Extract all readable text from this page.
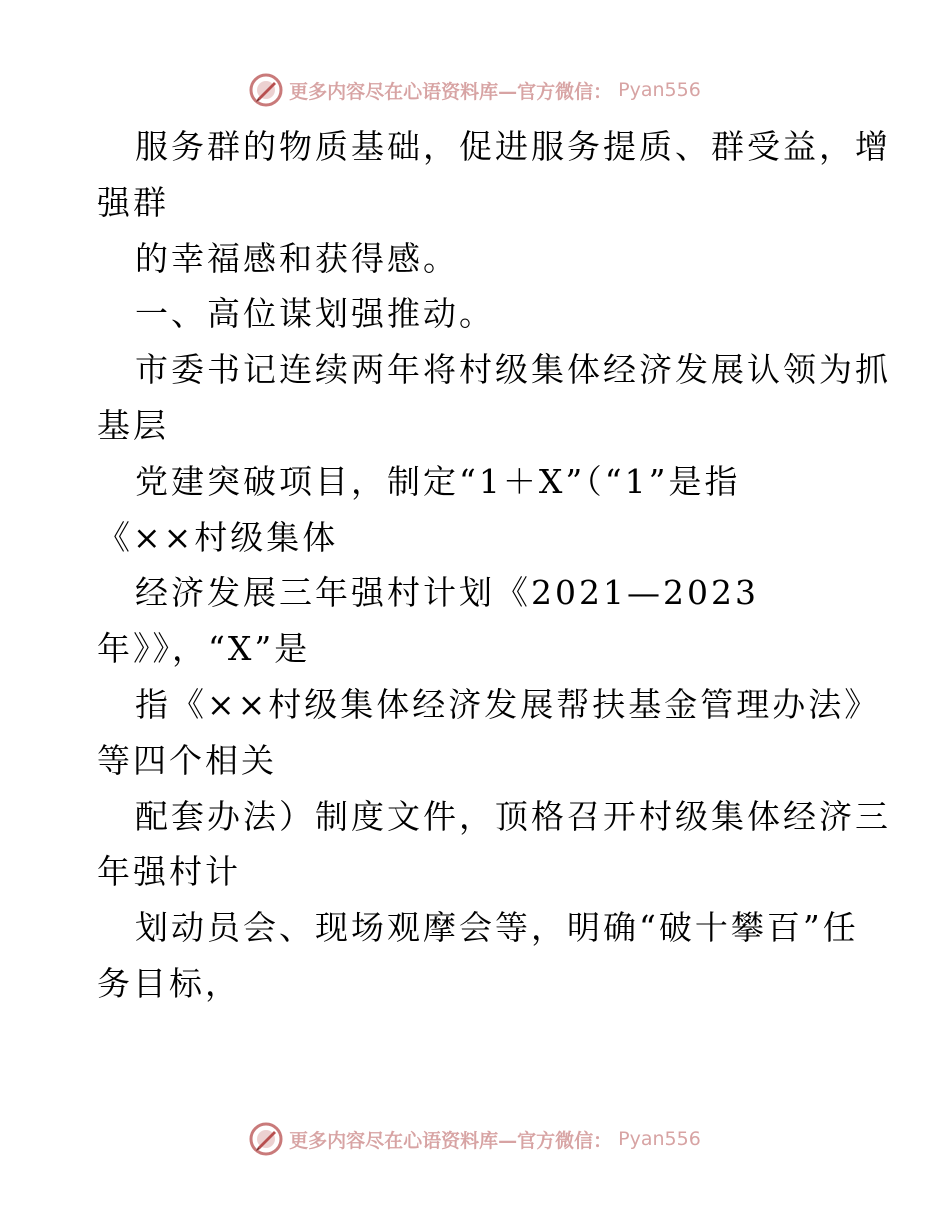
更多内容尽在心语资料库—官方微信： Pyan556
服务群的物质基础，促进服务提质、群受益，增
强群
的幸福感和获得感。
一、高位谋划强推动。
市委书记连续两年将村级集体经济发展认领为抓
基层
党建突破项目，制定“1＋X”（“1”是指
《××村级集体
经济发展三年强村计划《2021—2023
年》》，“X”是
指《××村级集体经济发展帮扶基金管理办法》
等四个相关
配套办法）制度文件，顶格召开村级集体经济三
年强村计
划动员会、现场观摩会等，明确“破十攀百”任
务目标，
更多内容尽在心语资料库—官方微信： Pyan556
